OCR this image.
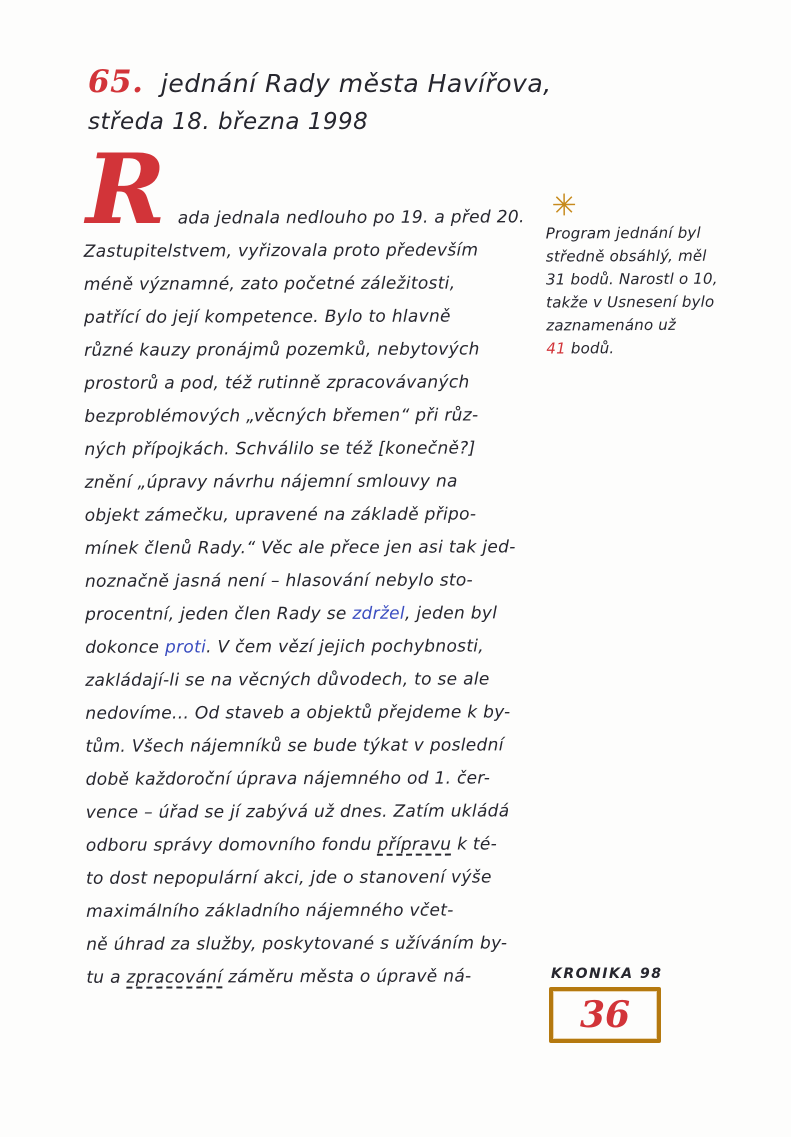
65. jednání Rady města Havířova,
středa 18. března 1998
R ada jednala nedlouho po 19. a před 20.
Zastupitelstvem, vyřizovala proto především
méně významné, zato početné záležitosti,
patřící do její kompetence. Bylo to hlavně
různé kauzy pronájmů pozemků, nebytových
prostorů a pod, též rutinně zpracovávaných
bezproblémových „věcných břemen“ při růz-
ných přípojkách. Schválilo se též [konečně?]
znění „úpravy návrhu nájemní smlouvy na
objekt zámečku, upravené na základě připo-
mínek členů Rady.“ Věc ale přece jen asi tak jed-
noznačně jasná není – hlasování nebylo sto-
procentní, jeden člen Rady se zdržel, jeden byl
dokonce proti. V čem vězí jejich pochybnosti,
zakládají-li se na věcných důvodech, to se ale
nedovíme... Od staveb a objektů přejdeme k by-
tům. Všech nájemníků se bude týkat v poslední
době každoroční úprava nájemného od 1. čer-
vence – úřad se jí zabývá už dnes. Zatím ukládá
odboru správy domovního fondu přípravu k té-
to dost nepopulární akci, jde o stanovení výše
maximálního základního nájemného včet-
ně úhrad za služby, poskytované s užíváním by-
tu a zpracování záměru města o úpravě ná-
✳
Program jednání byl
středně obsáhlý, měl
31 bodů. Narostl o 10,
takže v Usnesení bylo
zaznamenáno už
41 bodů.
KRONIKA 98
36
